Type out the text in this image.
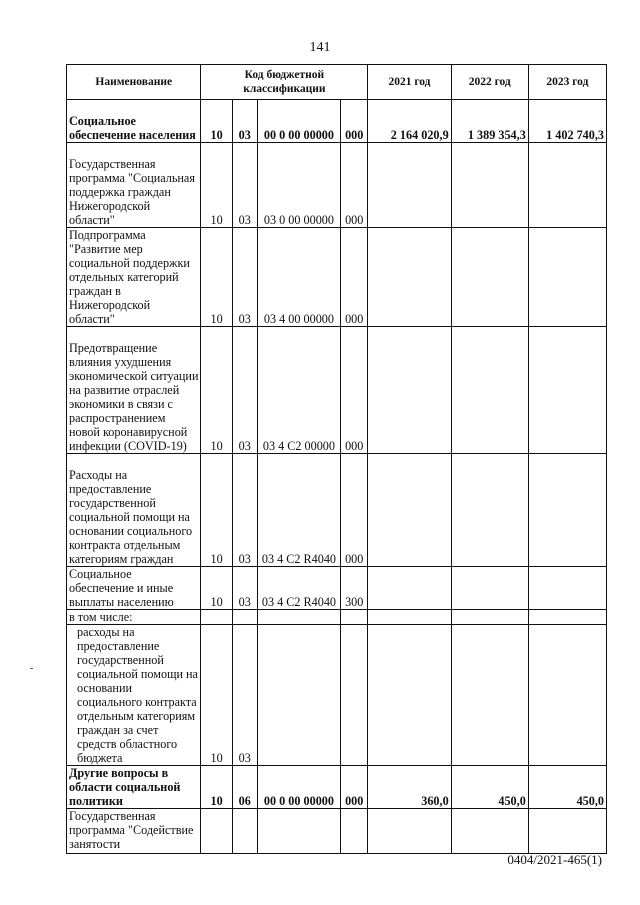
141
Наименование	Код бюджетной классификации				2021 год	2022 год	2023 год
Социальное обеспечение населения	10	03	00 0 00 00000	000	2 164 020,9	1 389 354,3	1 402 740,3
Государственная программа "Социальная поддержка граждан Нижегородской области"	10	03	03 0 00 00000	000			
Подпрограмма "Развитие мер социальной поддержки отдельных категорий граждан в Нижегородской области"	10	03	03 4 00 00000	000			
Предотвращение влияния ухудшения экономической ситуации на развитие отраслей экономики в связи с распространением новой коронавирусной инфекции (COVID-19)	10	03	03 4 C2 00000	000			
Расходы на предоставление государственной социальной помощи на основании социального контракта отдельным категориям граждан	10	03	03 4 C2 R4040	000			
Социальное обеспечение и иные выплаты населению	10	03	03 4 C2 R4040	300			
в том числе:							
расходы на предоставление государственной социальной помощи на основании социального контракта отдельным категориям граждан за счет средств областного бюджета	10	03					
Другие вопросы в области социальной политики	10	06	00 0 00 00000	000	360,0	450,0	450,0
Государственная программа "Содействие занятости							
0404/2021-465(1)
